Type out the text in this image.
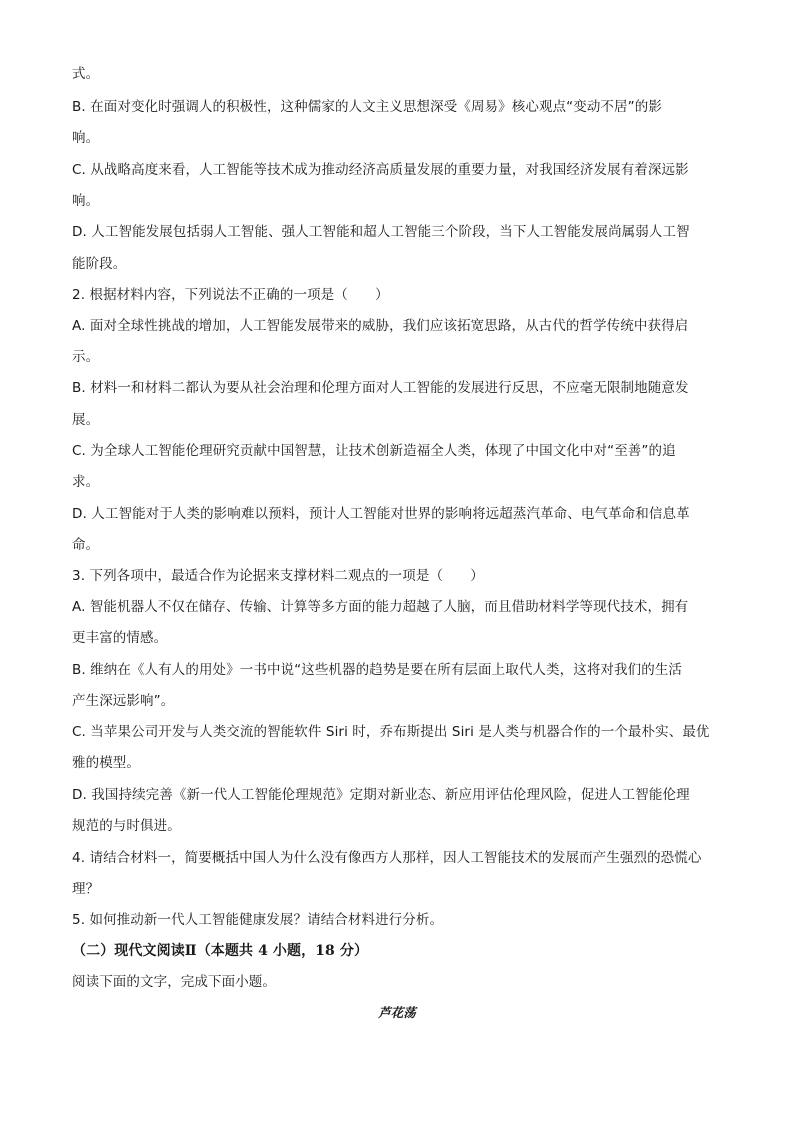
式。
B. 在面对变化时强调人的积极性，这种儒家的人文主义思想深受《周易》核心观点“变动不居”的影
响。
C. 从战略高度来看，人工智能等技术成为推动经济高质量发展的重要力量，对我国经济发展有着深远影
响。
D. 人工智能发展包括弱人工智能、强人工智能和超人工智能三个阶段，当下人工智能发展尚属弱人工智
能阶段。
2. 根据材料内容，下列说法不正确的一项是（　　）
A. 面对全球性挑战的增加，人工智能发展带来的威胁，我们应该拓宽思路，从古代的哲学传统中获得启
示。
B. 材料一和材料二都认为要从社会治理和伦理方面对人工智能的发展进行反思，不应毫无限制地随意发
展。
C. 为全球人工智能伦理研究贡献中国智慧，让技术创新造福全人类，体现了中国文化中对“至善”的追
求。
D. 人工智能对于人类的影响难以预料，预计人工智能对世界的影响将远超蒸汽革命、电气革命和信息革
命。
3. 下列各项中，最适合作为论据来支撑材料二观点的一项是（　　）
A. 智能机器人不仅在储存、传输、计算等多方面的能力超越了人脑，而且借助材料学等现代技术，拥有
更丰富的情感。
B. 维纳在《人有人的用处》一书中说“这些机器的趋势是要在所有层面上取代人类，这将对我们的生活
产生深远影响”。
C. 当苹果公司开发与人类交流的智能软件 Siri 时，乔布斯提出 Siri 是人类与机器合作的一个最朴实、最优
雅的模型。
D. 我国持续完善《新一代人工智能伦理规范》定期对新业态、新应用评估伦理风险，促进人工智能伦理
规范的与时俱进。
4. 请结合材料一，简要概括中国人为什么没有像西方人那样，因人工智能技术的发展而产生强烈的恐慌心
理？
5. 如何推动新一代人工智能健康发展？请结合材料进行分析。
（二）现代文阅读Ⅱ（本题共 4 小题，18 分）
阅读下面的文字，完成下面小题。
芦花荡
